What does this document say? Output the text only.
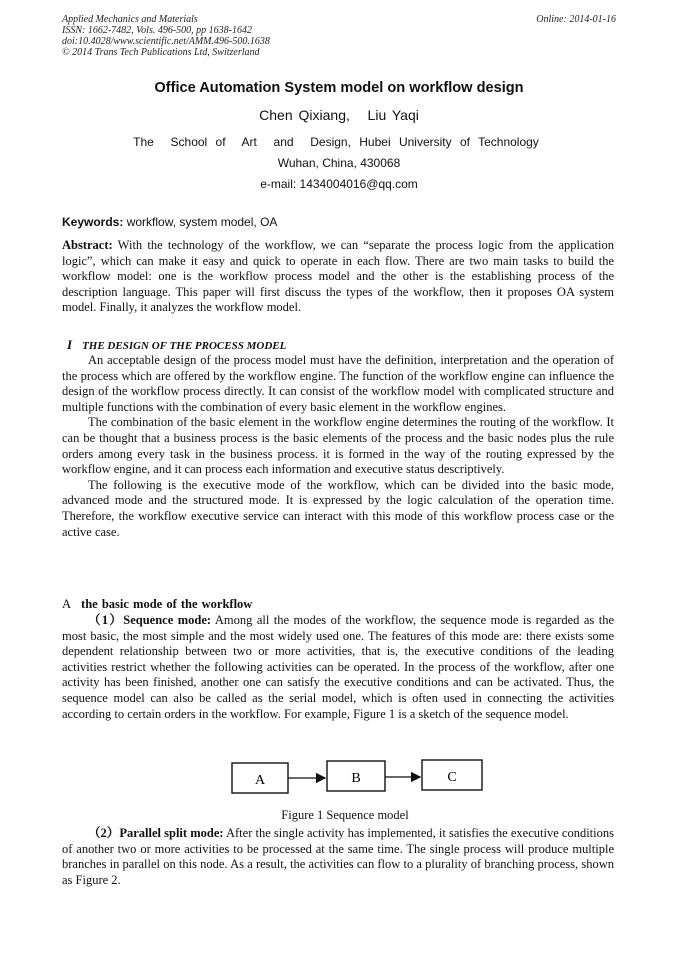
Applied Mechanics and Materials
ISSN: 1662-7482, Vols. 496-500, pp 1638-1642
doi:10.4028/www.scientific.net/AMM.496-500.1638
© 2014 Trans Tech Publications Ltd, Switzerland
Online: 2014-01-16
Office Automation System model on workflow design
Chen Qixiang,   Liu Yaqi
The  School of  Art  and  Design, Hubei University of Technology
Wuhan, China, 430068
e-mail: 1434004016@qq.com
Keywords: workflow, system model, OA

Abstract: With the technology of the workflow, we can “separate the process logic from the application logic”, which can make it easy and quick to operate in each flow. There are two main tasks to build the workflow model: one is the workflow process model and the other is the establishing process of the description language. This paper will first discuss the types of the workflow, then it proposes OA system model. Finally, it analyzes the workflow model.

I THE DESIGN OF THE PROCESS MODEL

An acceptable design of the process model must have the definition, interpretation and the operation of the process which are offered by the workflow engine. The function of the workflow engine can influence the design of the workflow process directly. It can consist of the workflow model with complicated structure and multiple functions with the combination of every basic element in the workflow engines.

The combination of the basic element in the workflow engine determines the routing of the workflow. It can be thought that a business process is the basic elements of the process and the basic nodes plus the rule orders among every task in the business process. it is formed in the way of the routing expressed by the workflow engine, and it can process each information and executive status descriptively.

The following is the executive mode of the workflow, which can be divided into the basic mode, advanced mode and the structured mode. It is expressed by the logic calculation of the operation time. Therefore, the workflow executive service can interact with this mode of this workflow process case or the active case.

A the basic mode of the workflow

（1）Sequence mode: Among all the modes of the workflow, the sequence mode is regarded as the most basic, the most simple and the most widely used one. The features of this mode are: there exists some dependent relationship between two or more activities, that is, the executive conditions of the leading activities restrict whether the following activities can be operated. In the process of the workflow, after one activity has been finished, another one can satisfy the executive conditions and can be activated. Thus, the sequence model can also be called as the serial model, which is often used in connecting the activities according to certain orders in the workflow. For example, Figure 1 is a sketch of the sequence model.

A	B	C
Figure 1 Sequence model

（2）Parallel split mode: After the single activity has implemented, it satisfies the executive conditions of another two or more activities to be processed at the same time. The single process will produce multiple branches in parallel on this node. As a result, the activities can flow to a plurality of branching process, shown as Figure 2.
